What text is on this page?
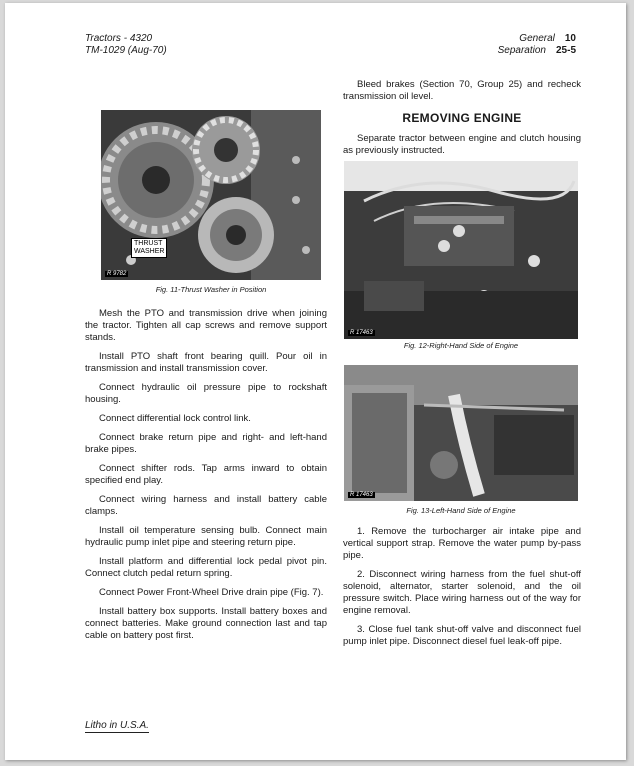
Tractors - 4320
TM-1029 (Aug-70)
General 10
Separation 25-5
THRUST
WASHER
R 9782
Fig. 11-Thrust Washer in Position

Mesh the PTO and transmission drive when joining the tractor. Tighten all cap screws and remove support stands.

Install PTO shaft front bearing quill. Pour oil in transmission and install transmission cover.

Connect hydraulic oil pressure pipe to rockshaft housing.

Connect differential lock control link.

Connect brake return pipe and right- and left-hand brake pipes.

Connect shifter rods. Tap arms inward to obtain specified end play.

Connect wiring harness and install battery cable clamps.

Install oil temperature sensing bulb. Connect main hydraulic pump inlet pipe and steering return pipe.

Install platform and differential lock pedal pivot pin. Connect clutch pedal return spring.

Connect Power Front-Wheel Drive drain pipe (Fig. 7).

Install battery box supports. Install battery boxes and connect batteries. Make ground connection last and tap cable on battery post first.

Bleed brakes (Section 70, Group 25) and recheck transmission oil level.

REMOVING ENGINE

Separate tractor between engine and clutch housing as previously instructed.

R 17463
Fig. 12-Right-Hand Side of Engine
R 17463
Fig. 13-Left-Hand Side of Engine

1. Remove the turbocharger air intake pipe and vertical support strap. Remove the water pump by-pass pipe.

2. Disconnect wiring harness from the fuel shut-off solenoid, alternator, starter solenoid, and the oil pressure switch. Place wiring harness out of the way for engine removal.

3. Close fuel tank shut-off valve and disconnect fuel pump inlet pipe. Disconnect diesel fuel leak-off pipe.

Litho in U.S.A.
